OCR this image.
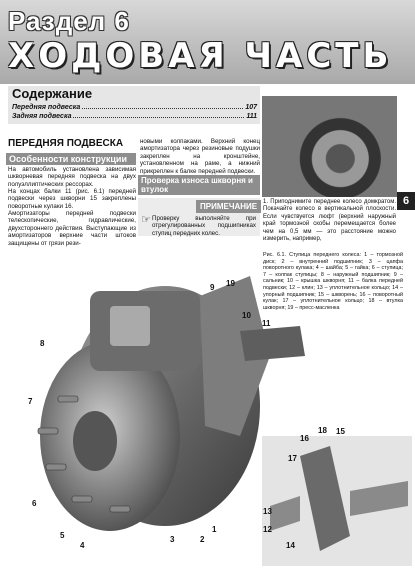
Раздел 6
ХОДОВАЯ ЧАСТЬ
Содержание
Передняя подвеска	107
Задняя подвеска	111
ПЕРЕДНЯЯ ПОДВЕСКА
Особенности конструкции
На автомобиль установлена зависимая шкворневая передняя подвеска на двух полуэллиптических рессорах.
На концах балки 11 (рис. 6.1) передней подвески через шкворни 15 закреплены поворотные кулаки 16.
Амортизаторы передней подвески телескопические, гидравлические, двухстороннего действия. Выступающие из амортизаторов верхние части штоков защищены от грязи рези-
новыми колпаками. Верхний конец амортизатора через резиновые подушки закреплен на кронштейне, установленном на раме, а нижний прикреплен к балке передней подвески.
Проверка износа шкворня и втулок
ПРИМЕЧАНИЕ
☞ Проверку выполняйте при отрегулированных подшипниках ступиц передних колес.
6
1. Приподнимите переднее колесо домкратом. Покачайте колесо в вертикальной плоскости. Если чувствуется люфт (верхний наружный край тормозной скобы перемещается более чем на 0,5 мм — это расстояние можно измерить, например,
Рис. 6.1. Ступица переднего колеса: 1 – тормозной диск; 2 – внутренний подшипник; 3 – цапфа поворотного кулака; 4 – шайба; 5 – гайка; 6 – ступица; 7 – колпак ступицы; 8 – наружный подшипник; 9 – сальник; 10 – крышка шкворня; 11 – балка передней подвески; 12 – клин; 13 – уплотнительное кольцо; 14 – упорный подшипник; 15 – шкворень; 16 – поворотный кулак; 17 – уплотнительное кольцо; 18 – втулка шкворня; 19 – пресс-масленка
8
7
6
5
4
3	2
1
9 19
10
11
16
18
17
15
13
12
14
